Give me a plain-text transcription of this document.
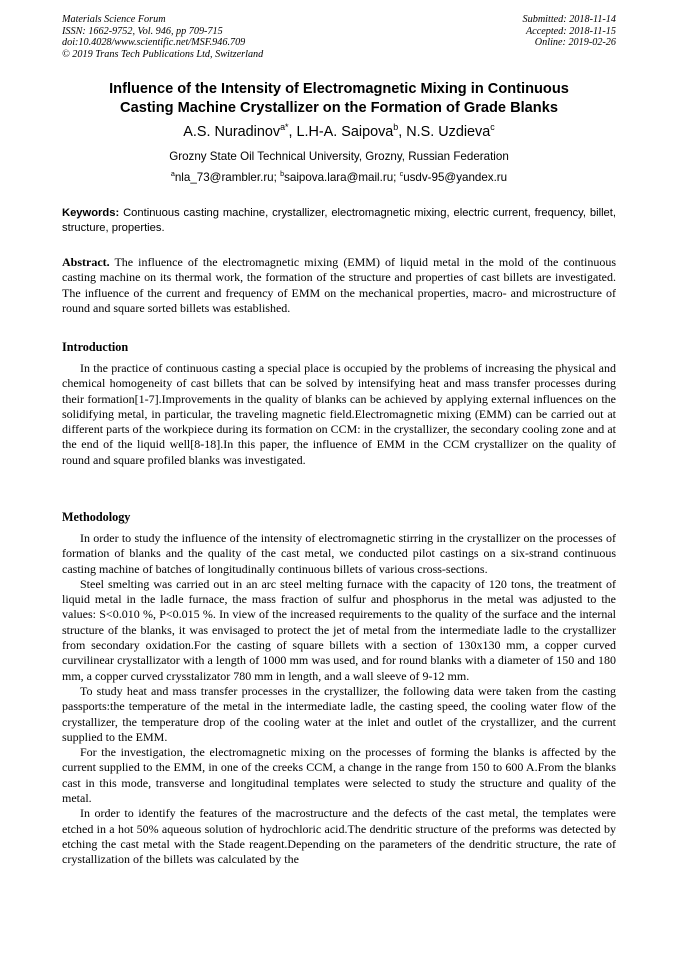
Materials Science Forum
ISSN: 1662-9752, Vol. 946, pp 709-715
doi:10.4028/www.scientific.net/MSF.946.709
© 2019 Trans Tech Publications Ltd, Switzerland
Submitted: 2018-11-14
Accepted: 2018-11-15
Online: 2019-02-26
Influence of the Intensity of Electromagnetic Mixing in Continuous
Casting Machine Crystallizer on the Formation of Grade Blanks
A.S. Nuradinov$^{a*}$, L.H-A. Saipova$^b$, N.S. Uzdieva$^c$
Grozny State Oil Technical University, Grozny, Russian Federation
$^a$nla_73@rambler.ru; $^b$saipova.lara@mail.ru; $^c$usdv-95@yandex.ru
Keywords: Continuous casting machine, crystallizer, electromagnetic mixing, electric current, frequency, billet, structure, properties.

Abstract. The influence of the electromagnetic mixing (EMM) of liquid metal in the mold of the continuous casting machine on its thermal work, the formation of the structure and properties of cast billets are investigated. The influence of the current and frequency of EMM on the mechanical properties, macro- and microstructure of round and square sorted billets was established.

Introduction

In the practice of continuous casting a special place is occupied by the problems of increasing the physical and chemical homogeneity of cast billets that can be solved by intensifying heat and mass transfer processes during their formation[1-7].Improvements in the quality of blanks can be achieved by applying external influences on the solidifying metal, in particular, the traveling magnetic field.Electromagnetic mixing (EMM) can be carried out at different parts of the workpiece during its formation on CCM: in the crystallizer, the secondary cooling zone and at the end of the liquid well[8-18].In this paper, the influence of EMM in the CCM crystallizer on the quality of round and square profiled blanks was investigated.

Methodology

In order to study the influence of the intensity of electromagnetic stirring in the crystallizer on the processes of formation of blanks and the quality of the cast metal, we conducted pilot castings on a six-strand continuous casting machine of batches of longitudinally continuous billets of various cross-sections.

Steel smelting was carried out in an arc steel melting furnace with the capacity of 120 tons, the treatment of liquid metal in the ladle furnace, the mass fraction of sulfur and phosphorus in the metal was adjusted to the values: S<0.010 %, P<0.015 %. In view of the increased requirements to the quality of the surface and the internal structure of the blanks, it was envisaged to protect the jet of metal from the intermediate ladle to the crystallizer from secondary oxidation.For the casting of square billets with a section of 130x130 mm, a copper curved curvilinear crystallizator with a length of 1000 mm was used, and for round blanks with a diameter of 150 and 180 mm, a copper curved crysstalizator 780 mm in length, and a wall sleeve of 9-12 mm.

To study heat and mass transfer processes in the crystallizer, the following data were taken from the casting passports:the temperature of the metal in the intermediate ladle, the casting speed, the cooling water flow of the crystallizer, the temperature drop of the cooling water at the inlet and outlet of the crystallizer, and the current supplied to the EMM.

For the investigation, the electromagnetic mixing on the processes of forming the blanks is affected by the current supplied to the EMM, in one of the creeks CCM, a change in the range from 150 to 600 A.From the blanks cast in this mode, transverse and longitudinal templates were selected to study the structure and quality of the metal.

In order to identify the features of the macrostructure and the defects of the cast metal, the templates were etched in a hot 50% aqueous solution of hydrochloric acid.The dendritic structure of the preforms was detected by etching the cast metal with the Stade reagent.Depending on the parameters of the dendritic structure, the rate of crystallization of the billets was calculated by the
